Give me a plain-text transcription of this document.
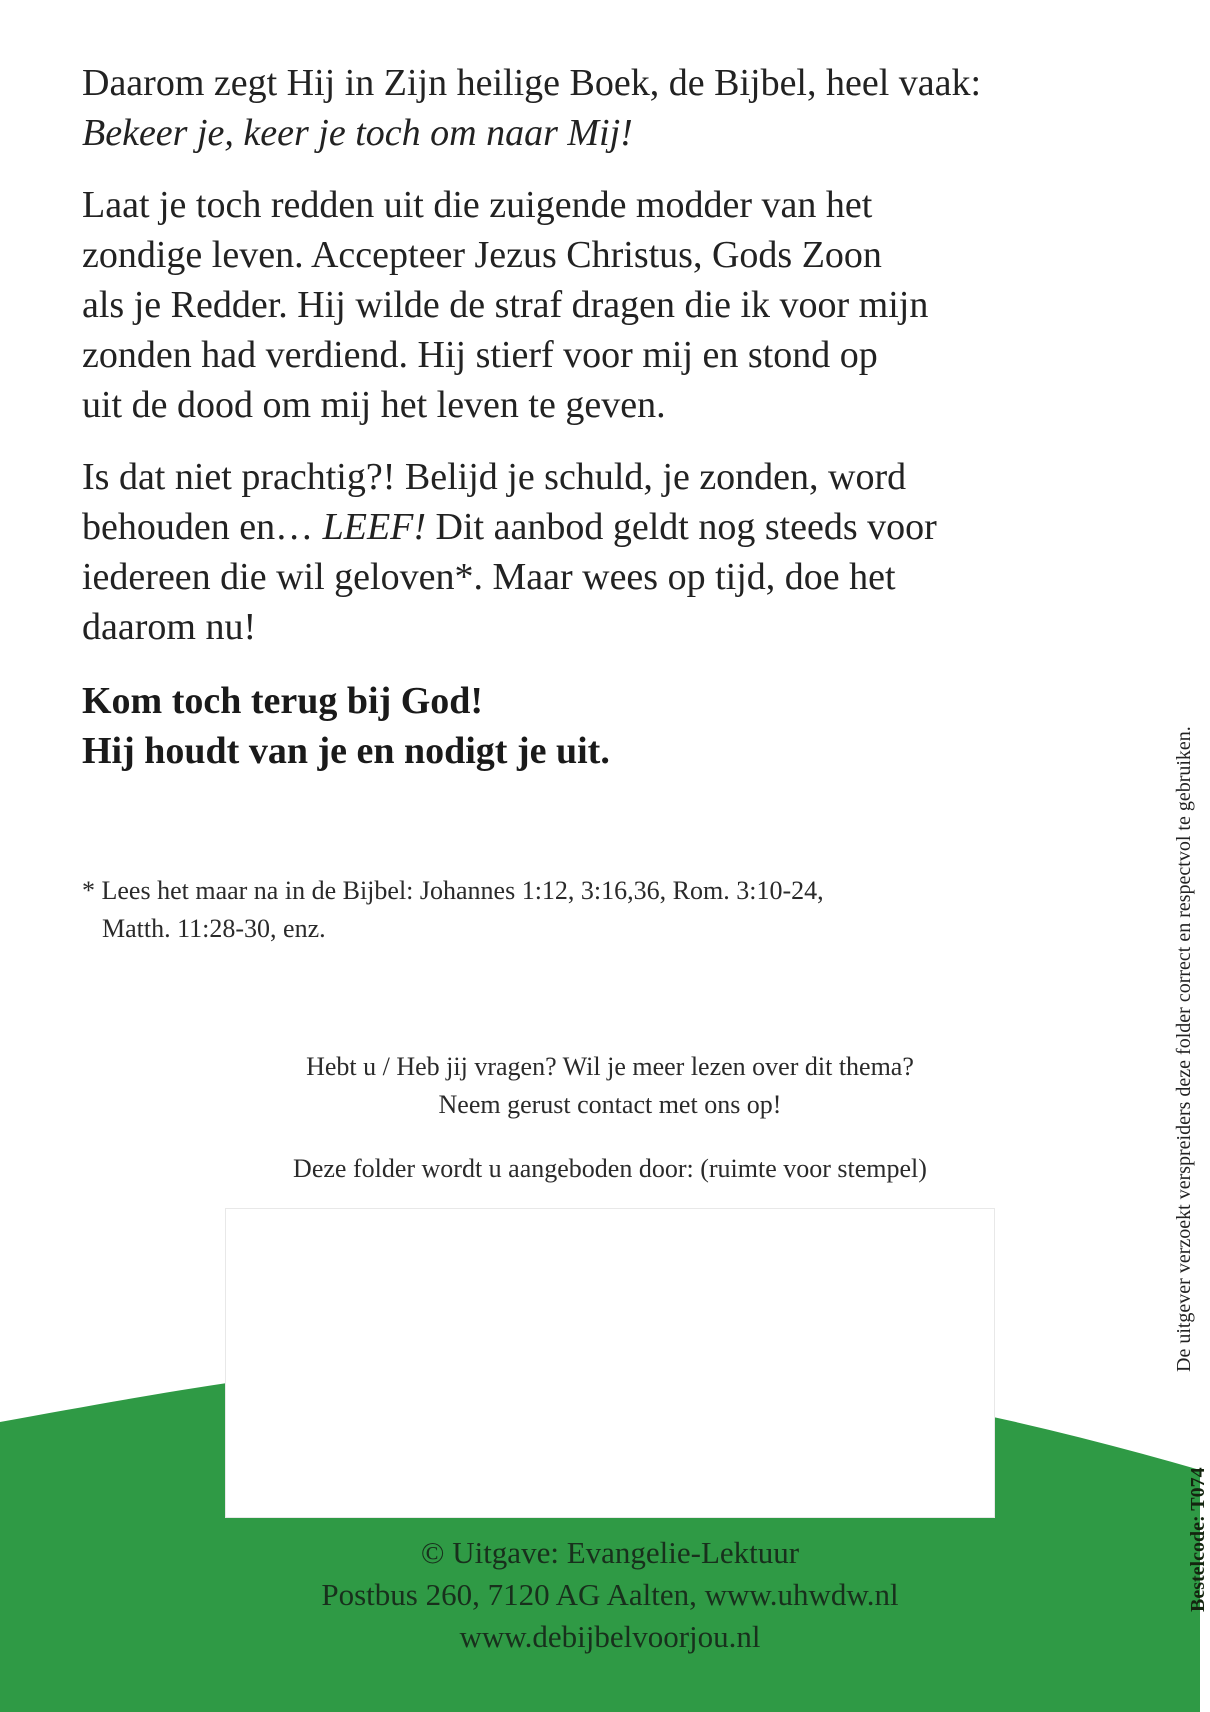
Daarom zegt Hij in Zijn heilige Boek, de Bijbel, heel vaak:
Bekeer je, keer je toch om naar Mij!

Laat je toch redden uit die zuigende modder van het
zondige leven. Accepteer Jezus Christus, Gods Zoon
als je Redder. Hij wilde de straf dragen die ik voor mijn
zonden had verdiend. Hij stierf voor mij en stond op
uit de dood om mij het leven te geven.

Is dat niet prachtig?! Belijd je schuld, je zonden, word
behouden en… LEEF! Dit aanbod geldt nog steeds voor
iedereen die wil geloven*. Maar wees op tijd, doe het
daarom nu!

Kom toch terug bij God!
Hij houdt van je en nodigt je uit.
* Lees het maar na in de Bijbel: Johannes 1:12, 3:16,36, Rom. 3:10-24,
Matth. 11:28-30, enz.
Hebt u / Heb jij vragen? Wil je meer lezen over dit thema?
Neem gerust contact met ons op!
Deze folder wordt u aangeboden door: (ruimte voor stempel)
© Uitgave: Evangelie-Lektuur
Postbus 260, 7120 AG Aalten, www.uhwdw.nl
www.debijbelvoorjou.nl
De uitgever verzoekt verspreiders deze folder correct en respectvol te gebruiken.
Bestelcode: T074
